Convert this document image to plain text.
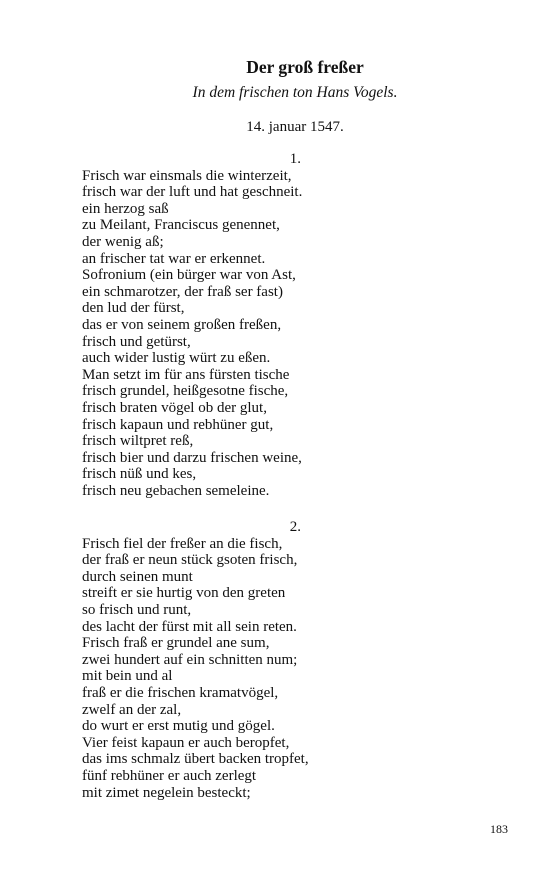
Der groß freßer
In dem frischen ton Hans Vogels.
14. januar 1547.
1.
Frisch war einsmals die winterzeit,
frisch war der luft und hat geschneit.
ein herzog saß
zu Meilant, Franciscus genennet,
der wenig aß;
an frischer tat war er erkennet.
Sofronium (ein bürger war von Ast,
ein schmarotzer, der fraß ser fast)
den lud der fürst,
das er von seinem großen freßen,
frisch und getürst,
auch wider lustig würt zu eßen.
Man setzt im für ans fürsten tische
frisch grundel, heißgesotne fische,
frisch braten vögel ob der glut,
frisch kapaun und rebhüner gut,
frisch wiltpret reß,
frisch bier und darzu frischen weine,
frisch nüß und kes,
frisch neu gebachen semeleine.
2.
Frisch fiel der freßer an die fisch,
der fraß er neun stück gsoten frisch,
durch seinen munt
streift er sie hurtig von den greten
so frisch und runt,
des lacht der fürst mit all sein reten.
Frisch fraß er grundel ane sum,
zwei hundert auf ein schnitten num;
mit bein und al
fraß er die frischen kramatvögel,
zwelf an der zal,
do wurt er erst mutig und gögel.
Vier feist kapaun er auch beropfet,
das ims schmalz übert backen tropfet,
fünf rebhüner er auch zerlegt
mit zimet negelein besteckt;
183
